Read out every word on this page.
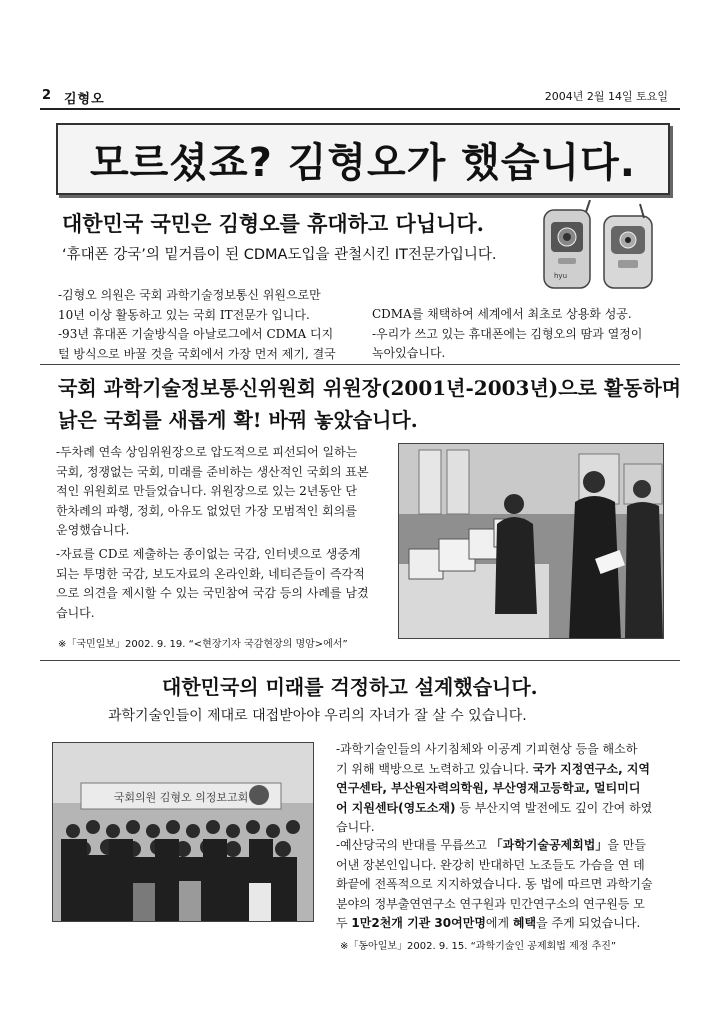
2 김형오	2004년 2월 14일 토요일
모르셨죠? 김형오가 했습니다.
대한민국 국민은 김형오를 휴대하고 다닙니다.
‘휴대폰 강국’의 밑거름이 된 CDMA도입을 관철시킨 IT전문가입니다.
hyu
-김형오 의원은 국회 과학기술정보통신 위원으로만
10년 이상 활동하고 있는 국회 IT전문가 입니다.
-93년 휴대폰 기술방식을 아날로그에서 CDMA 디지
털 방식으로 바꿀 것을 국회에서 가장 먼저 제기, 결국
CDMA를 채택하여 세계에서 최초로 상용화 성공.
-우리가 쓰고 있는 휴대폰에는 김형오의 땀과 열정이
녹아있습니다.
국회 과학기술정보통신위원회 위원장(2001년-2003년)으로 활동하며
낡은 국회를 새롭게 확! 바꿔 놓았습니다.
-두차례 연속 상임위원장으로 압도적으로 피선되어 일하는
국회, 정쟁없는 국회, 미래를 준비하는 생산적인 국회의 표본
적인 위원회로 만들었습니다. 위원장으로 있는 2년동안 단
한차례의 파행, 정회, 아유도 없었던 가장 모범적인 회의를
운영했습니다.
-자료를 CD로 제출하는 종이없는 국감, 인터넷으로 생중계
되는 투명한 국감, 보도자료의 온라인화, 네티즌들이 즉각적
으로 의견을 제시할 수 있는 국민참여 국감 등의 사례를 남겼
습니다.
※「국민일보」2002. 9. 19. “<현장기자 국감현장의 명암>에서”
대한민국의 미래를 걱정하고 설계했습니다.
과학기술인들이 제대로 대접받아야 우리의 자녀가 잘 살 수 있습니다.
국회의원 김형오 의정보고회
-과학기술인들의 사기침체와 이공계 기피현상 등을 해소하
기 위해 백방으로 노력하고 있습니다. 국가 지정연구소, 지역
연구센타, 부산원자력의학원, 부산영재고등학교, 멀티미디
어 지원센타(영도소재) 등 부산지역 발전에도 깊이 간여 하였
습니다.
-예산당국의 반대를 무릅쓰고 「과학기술공제회법」을 만들
어낸 장본인입니다. 완강히 반대하던 노조들도 가슴을 연 데
화끝에 전폭적으로 지지하였습니다. 동 법에 따르면 과학기술
분야의 정부출연연구소 연구원과 민간연구소의 연구원등 모
두 1만2천개 기관 30여만명에게 혜택을 주게 되었습니다.
※「동아일보」2002. 9. 15. “과학기술인 공제회법 제정 추진”
